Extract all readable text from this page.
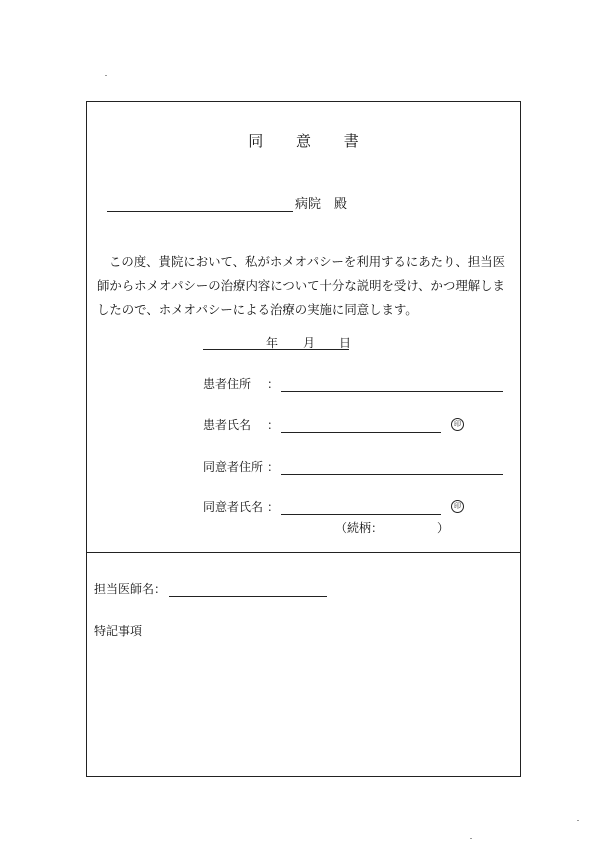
同 意 書
病院 殿
この度、貴院において、私がホメオパシーを利用するにあたり、担当医師からホメオパシーの治療内容について十分な説明を受け、かつ理解しましたので、ホメオパシーによる治療の実施に同意します。
年 月 日
患者住所	：
患者氏名	：	印
同意者住所 ：
同意者氏名 ：	印
（続柄：　　　　　）
担当医師名：
特記事項
